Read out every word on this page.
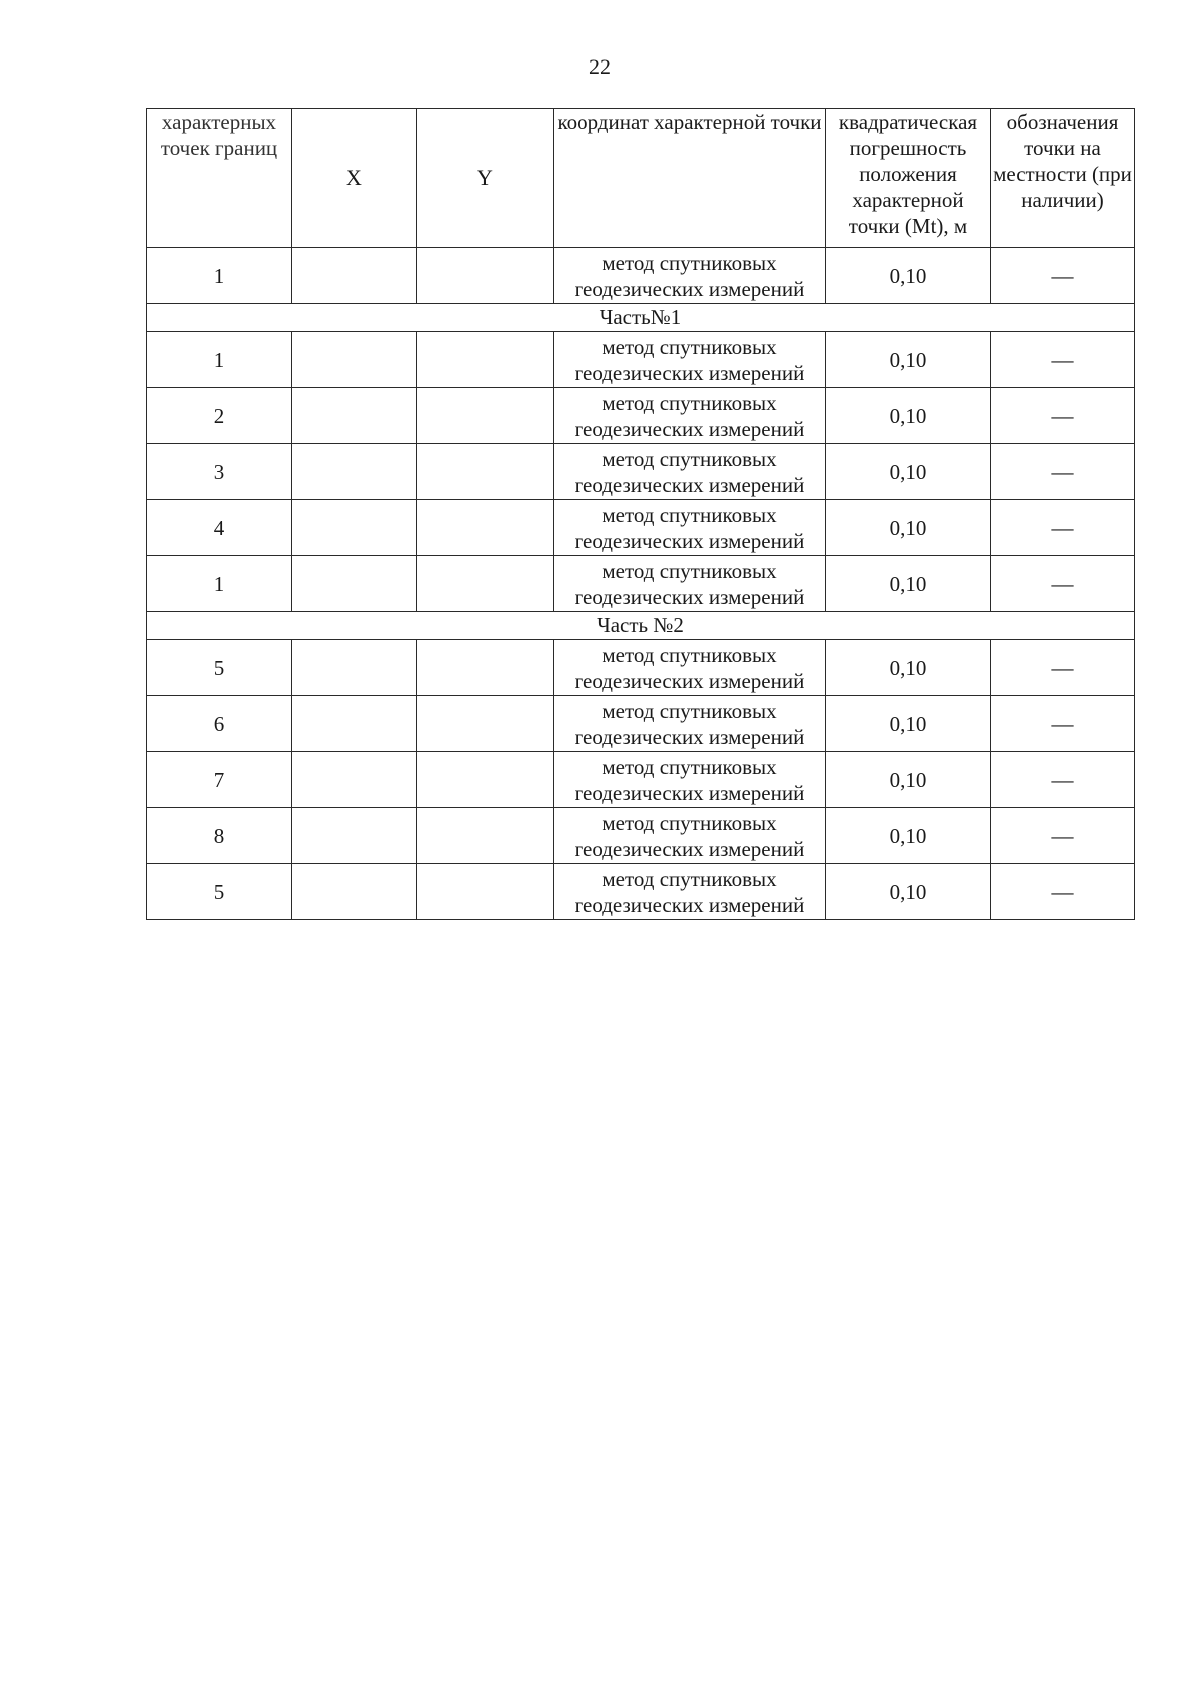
22
характерных точек границ	X	Y	координат характерной точки	квадратическая погрешность положения характерной точки (Mt), м	обозначения точки на местности (при наличии)
1			метод спутниковых геодезических измерений	0,10	—
Часть№1					
1			метод спутниковых геодезических измерений	0,10	—
2			метод спутниковых геодезических измерений	0,10	—
3			метод спутниковых геодезических измерений	0,10	—
4			метод спутниковых геодезических измерений	0,10	—
1			метод спутниковых геодезических измерений	0,10	—
Часть №2					
5			метод спутниковых геодезических измерений	0,10	—
6			метод спутниковых геодезических измерений	0,10	—
7			метод спутниковых геодезических измерений	0,10	—
8			метод спутниковых геодезических измерений	0,10	—
5			метод спутниковых геодезических измерений	0,10	—
